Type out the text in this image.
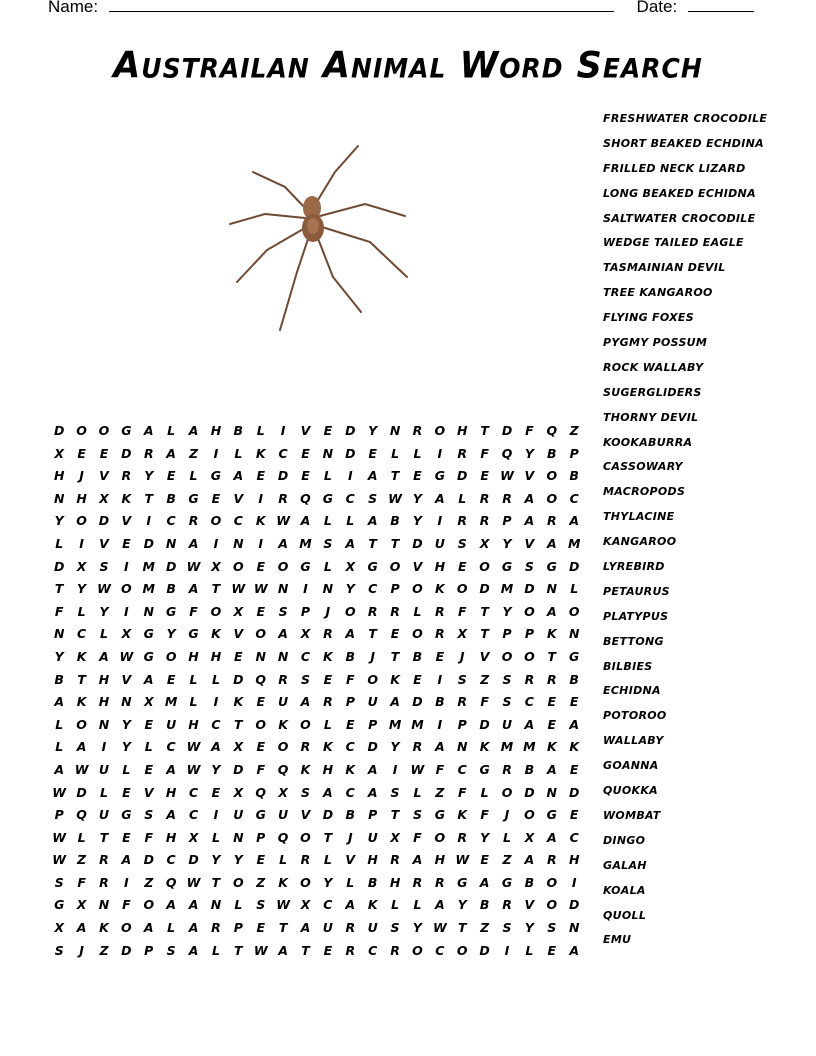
Name:	Date:
Austrailan Animal Word Search
FRESHWATER CROCODILE
SHORT BEAKED ECHDINA
FRILLED NECK LIZARD
LONG BEAKED ECHIDNA
SALTWATER CROCODILE
WEDGE TAILED EAGLE
TASMAINIAN DEVIL
TREE KANGAROO
FLYING FOXES
PYGMY POSSUM
ROCK WALLABY
SUGERGLIDERS
THORNY DEVIL
KOOKABURRA
CASSOWARY
MACROPODS
THYLACINE
KANGAROO
LYREBIRD
PETAURUS
PLATYPUS
BETTONG
BILBIES
ECHIDNA
POTOROO
WALLABY
GOANNA
QUOKKA
WOMBAT
DINGO
GALAH
KOALA
QUOLL
EMU
D O O G A	L	A H B	L	I	V	E	D	Y	N R O H	T	D	F	Q	Z
X	E	E	D R	A	Z	I	L	K	C	E	N D	E	L	L	I	R	F	Q	Y	B	P
H	J	V	R	Y	E	L	G A	E	D	E	L	I	A	T	E	G D	E W V O B
N H X	K	T	B	G	E	V	I	R Q G	C	S W Y	A	L	R	R	A O C
Y	O D V	I	C	R O C	K W A	L	L	A	B	Y	I	R	R	P	A	R	A
L	I	V	E	D N A	I	N	I	A M S	A	T	T	D U	S	X	Y	V	A M
D X	S	I	M D W X O	E	O G	L	X G O V H	E	O G	S	G D
T	Y W O M B	A	T W W N	I	N	Y	C	P O K O D M D N	L
F	L	Y	I	N G	F	O X	E	S	P	J	O R	R	L	R	F	T	Y	O A O
N	C	L	X G	Y	G K	V O A	X	R	A	T	E	O R	X	T	P	P	K N
Y	K	A W G O H H	E	N N	C	K	B	J	T	B	E	J	V O O	T	G
B	T	H V	A	E	L	L	D Q R	S	E	F	O K	E	I	S	Z	S	R	R	B
A	K H N X M L	I	K	E	U A	R	P	U A D B	R	F	S	C	E	E
L	O N	Y	E	U H	C	T	O K O	L	E	P M M	I	P	D U A	E	A
L	A	I	Y	L	C W A	X	E	O R	K	C	D	Y	R	A N K M M K	K
A W U	L	E	A W Y	D	F	Q K H K	A	I	W F	C	G R	B	A	E
W D	L	E	V H	C	E	X Q X	S	A	C	A	S	L	Z	F	L	O D N D
P Q U G	S	A	C	I	U G U V D B	P	T	S	G K	F	J	O G	E
W L	T	E	F	H X	L	N	P Q O	T	J	U	X	F	O R	Y	L	X	A	C
W Z	R	A D	C	D	Y	Y	E	L	R	L	V H R	A H W E	Z	A	R H
S	F	R	I	Z	Q W T	O	Z	K O	Y	L	B H R	R G A G B O	I
G X N	F	O A	A N	L	S W X	C	A	K	L	L	A	Y	B	R	V O D
X	A	K O A	L	A	R	P	E	T	A U	R U	S	Y W T	Z	S	Y	S	N
S	J	Z	D	P	S	A	L	T W A	T	E	R	C	R O C O D	I	L	E	A
